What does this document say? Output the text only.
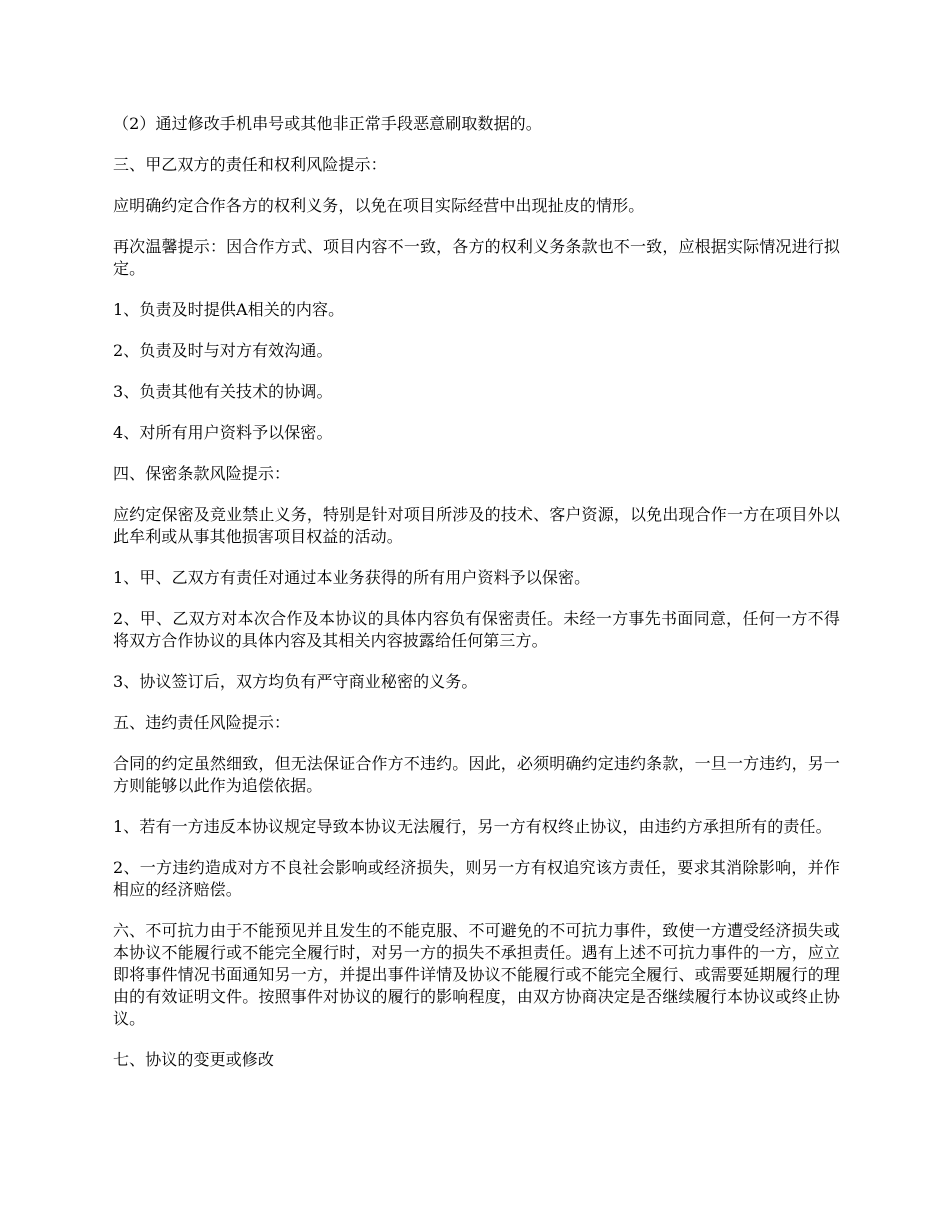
（2）通过修改手机串号或其他非正常手段恶意刷取数据的。

三、甲乙双方的责任和权利风险提示：

应明确约定合作各方的权利义务，以免在项目实际经营中出现扯皮的情形。

再次温馨提示：因合作方式、项目内容不一致，各方的权利义务条款也不一致，应根据实际情况进行拟定。

1、负责及时提供A相关的内容。

2、负责及时与对方有效沟通。

3、负责其他有关技术的协调。

4、对所有用户资料予以保密。

四、保密条款风险提示：

应约定保密及竞业禁止义务，特别是针对项目所涉及的技术、客户资源，以免出现合作一方在项目外以此牟利或从事其他损害项目权益的活动。

1、甲、乙双方有责任对通过本业务获得的所有用户资料予以保密。

2、甲、乙双方对本次合作及本协议的具体内容负有保密责任。未经一方事先书面同意，任何一方不得将双方合作协议的具体内容及其相关内容披露给任何第三方。

3、协议签订后，双方均负有严守商业秘密的义务。

五、违约责任风险提示：

合同的约定虽然细致，但无法保证合作方不违约。因此，必须明确约定违约条款，一旦一方违约，另一方则能够以此作为追偿依据。

1、若有一方违反本协议规定导致本协议无法履行，另一方有权终止协议，由违约方承担所有的责任。

2、一方违约造成对方不良社会影响或经济损失，则另一方有权追究该方责任，要求其消除影响，并作相应的经济赔偿。

六、不可抗力由于不能预见并且发生的不能克服、不可避免的不可抗力事件，致使一方遭受经济损失或本协议不能履行或不能完全履行时，对另一方的损失不承担责任。遇有上述不可抗力事件的一方，应立即将事件情况书面通知另一方，并提出事件详情及协议不能履行或不能完全履行、或需要延期履行的理由的有效证明文件。按照事件对协议的履行的影响程度，由双方协商决定是否继续履行本协议或终止协议。

七、协议的变更或修改
